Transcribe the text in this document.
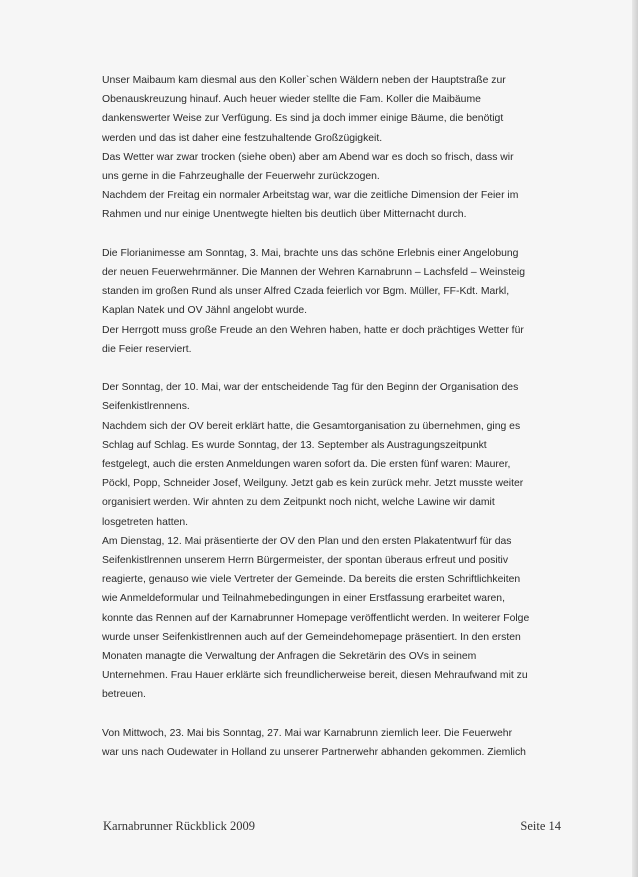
Unser Maibaum kam diesmal aus den Koller`schen Wäldern neben der Hauptstraße zur
Obenauskreuzung hinauf. Auch heuer wieder stellte die Fam. Koller die Maibäume
dankenswerter Weise zur Verfügung. Es sind ja doch immer einige Bäume, die benötigt
werden und das ist daher eine festzuhaltende Großzügigkeit.
Das Wetter war zwar trocken (siehe oben) aber am Abend war es doch so frisch, dass wir
uns gerne in die Fahrzeughalle der Feuerwehr zurückzogen.
Nachdem der Freitag ein normaler Arbeitstag war, war die zeitliche Dimension der Feier im
Rahmen und nur einige Unentwegte hielten bis deutlich über Mitternacht durch.

Die Florianimesse am Sonntag, 3. Mai, brachte uns das schöne Erlebnis einer Angelobung
der neuen Feuerwehrmänner. Die Mannen der Wehren Karnabrunn – Lachsfeld – Weinsteig
standen im großen Rund als unser Alfred Czada feierlich vor Bgm. Müller, FF-Kdt. Markl,
Kaplan Natek und OV Jähnl angelobt wurde.
Der Herrgott muss große Freude an den Wehren haben, hatte er doch prächtiges Wetter für
die Feier reserviert.

Der Sonntag, der 10. Mai, war der entscheidende Tag für den Beginn der Organisation des
Seifenkistlrennens.
Nachdem sich der OV bereit erklärt hatte, die Gesamtorganisation zu übernehmen, ging es
Schlag auf Schlag. Es wurde Sonntag, der 13. September als Austragungszeitpunkt
festgelegt, auch die ersten Anmeldungen waren sofort da. Die ersten fünf waren: Maurer,
Pöckl, Popp, Schneider Josef, Weilguny. Jetzt gab es kein zurück mehr. Jetzt musste weiter
organisiert werden. Wir ahnten zu dem Zeitpunkt noch nicht, welche Lawine wir damit
losgetreten hatten.
Am Dienstag, 12. Mai präsentierte der OV den Plan und den ersten Plakatentwurf für das
Seifenkistlrennen unserem Herrn Bürgermeister, der spontan überaus erfreut und positiv
reagierte, genauso wie viele Vertreter der Gemeinde. Da bereits die ersten Schriftlichkeiten
wie Anmeldeformular und Teilnahmebedingungen in einer Erstfassung erarbeitet waren,
konnte das Rennen auf der Karnabrunner Homepage veröffentlicht werden. In weiterer Folge
wurde unser Seifenkistlrennen auch auf der Gemeindehomepage präsentiert. In den ersten
Monaten managte die Verwaltung der Anfragen die Sekretärin des OVs in seinem
Unternehmen. Frau Hauer erklärte sich freundlicherweise bereit, diesen Mehraufwand mit zu
betreuen.

Von Mittwoch, 23. Mai bis Sonntag, 27. Mai war Karnabrunn ziemlich leer. Die Feuerwehr
war uns nach Oudewater in Holland zu unserer Partnerwehr abhanden gekommen. Ziemlich

Karnabrunner Rückblick 2009	Seite 14
